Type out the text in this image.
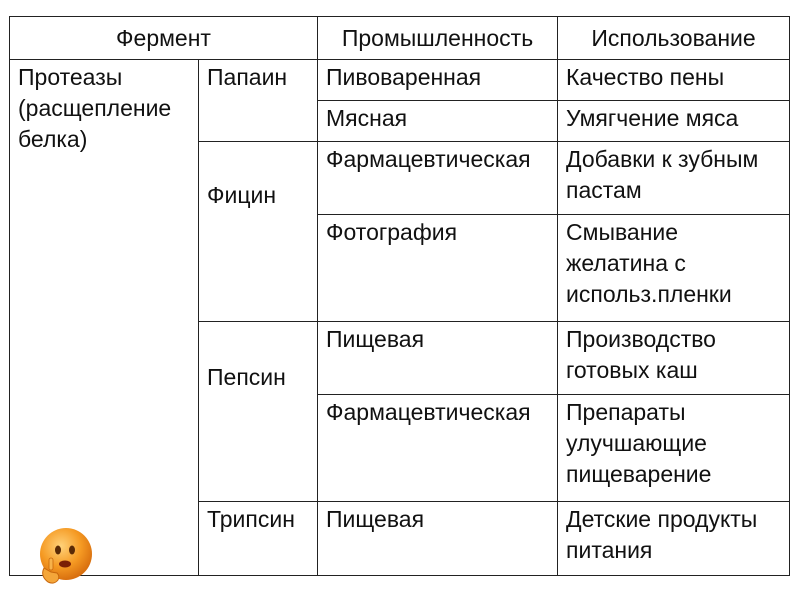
Фермент		Промышленность	Использование

Протеазы
(расщепление
белка)	Папаин	Пивоваренная	Качество пены

		Мясная	Умягчение мяса

	Фицин	Фармацевтическая	Добавки к зубным
пастам

		Фотография	Смывание
желатина с
использ.пленки

	Пепсин	Пищевая	Производство
готовых каш

		Фармацевтическая	Препараты
улучшающие
пищеварение

	Трипсин	Пищевая	Детские продукты
питания
